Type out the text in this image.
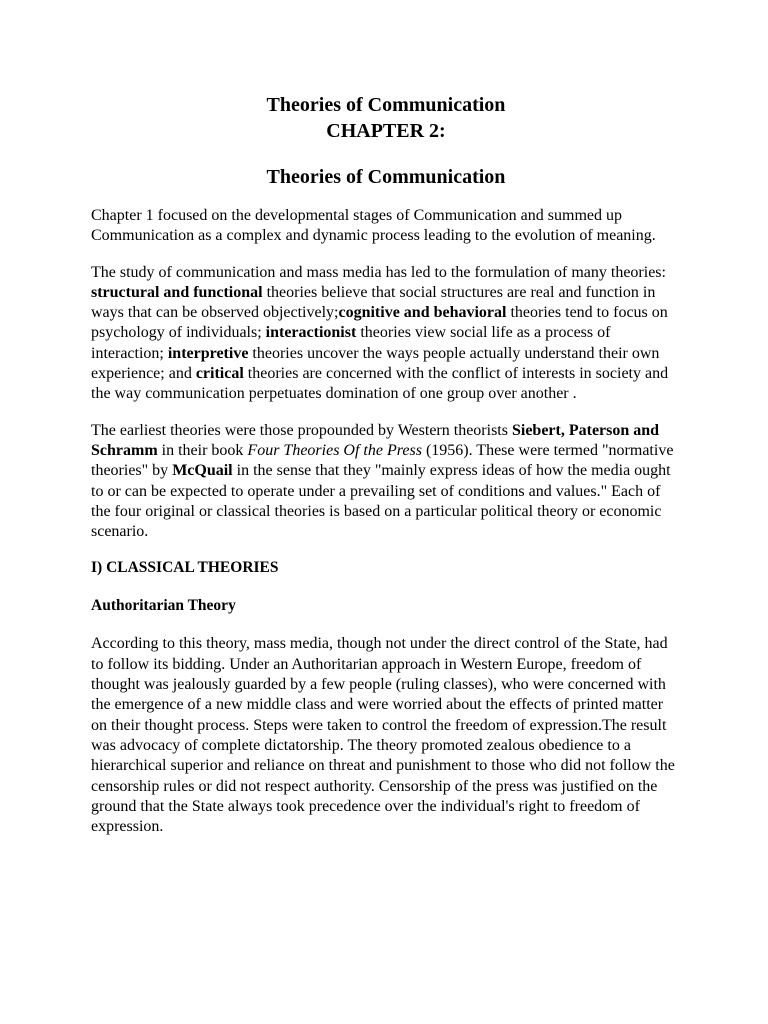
Theories of Communication
CHAPTER 2:
Theories of Communication

Chapter 1 focused on the developmental stages of Communication and summed up Communication as a complex and dynamic process leading to the evolution of meaning.

The study of communication and mass media has led to the formulation of many theories: structural and functional theories believe that social structures are real and function in ways that can be observed objectively;cognitive and behavioral theories tend to focus on psychology of individuals; interactionist theories view social life as a process of interaction; interpretive theories uncover the ways people actually understand their own experience; and critical theories are concerned with the conflict of interests in society and the way communication perpetuates domination of one group over another .

The earliest theories were those propounded by Western theorists Siebert, Paterson and Schramm in their book Four Theories Of the Press (1956). These were termed "normative theories" by McQuail in the sense that they "mainly express ideas of how the media ought to or can be expected to operate under a prevailing set of conditions and values." Each of the four original or classical theories is based on a particular political theory or economic scenario.

I) CLASSICAL THEORIES
Authoritarian Theory

According to this theory, mass media, though not under the direct control of the State, had to follow its bidding. Under an Authoritarian approach in Western Europe, freedom of thought was jealously guarded by a few people (ruling classes), who were concerned with the emergence of a new middle class and were worried about the effects of printed matter on their thought process. Steps were taken to control the freedom of expression.The result was advocacy of complete dictatorship. The theory promoted zealous obedience to a hierarchical superior and reliance on threat and punishment to those who did not follow the censorship rules or did not respect authority. Censorship of the press was justified on the ground that the State always took precedence over the individual's right to freedom of expression.
